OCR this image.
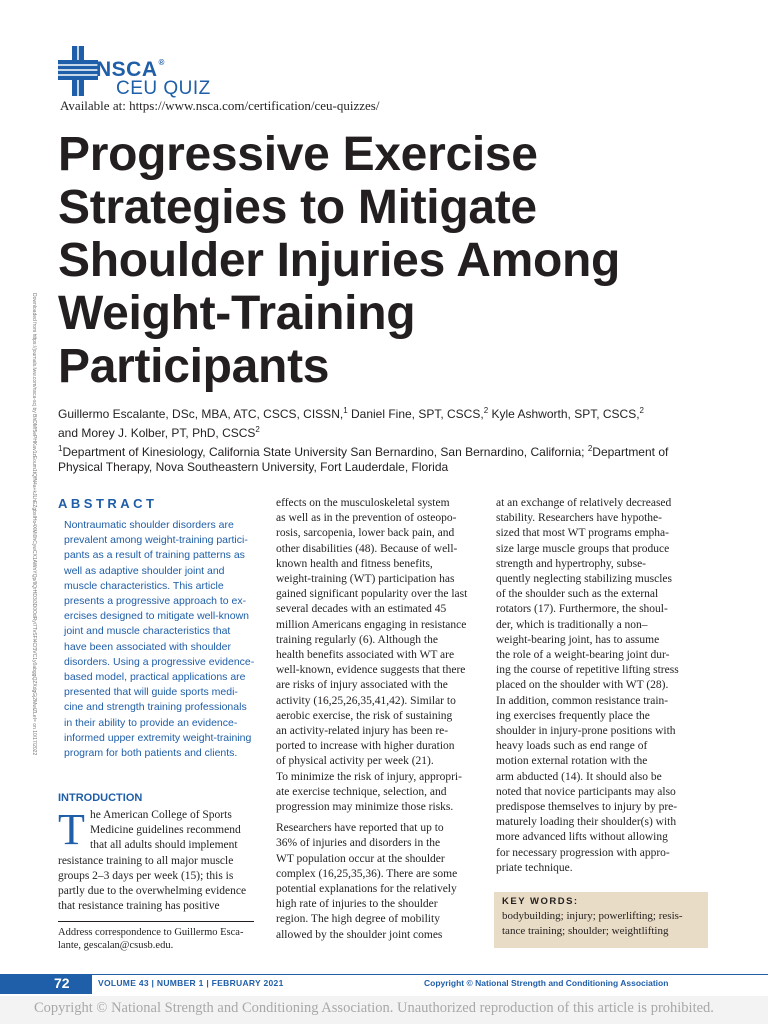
NSCA®
CEU QUIZ
Available at: https://www.nsca.com/certification/ceu-quizzes/
Downloaded from https://journals.lww.com/nsca-scj by BhDMf5ePHKav1zEoum1tQfN4a+kJLhEZgbsIHo4XMi0hCywCX1AWnYQp/IlQrHD3i3D0OdRyi7TvSFl4Cf3VC1y0abggQZXdgGj2MwlZLeI= on 10/17/2022
Progressive Exercise
Strategies to Mitigate
Shoulder Injuries Among
Weight-Training
Participants
Guillermo Escalante, DSc, MBA, ATC, CSCS, CISSN,$^1$ Daniel Fine, SPT, CSCS,$^2$ Kyle Ashworth, SPT, CSCS,$^2$
and Morey J. Kolber, PT, PhD, CSCS$^2$
$^1$Department of Kinesiology, California State University San Bernardino, San Bernardino, California; $^2$Department of
Physical Therapy, Nova Southeastern University, Fort Lauderdale, Florida
ABSTRACT
Nontraumatic shoulder disorders are
prevalent among weight-training partici-
pants as a result of training patterns as
well as adaptive shoulder joint and
muscle characteristics. This article
presents a progressive approach to ex-
ercises designed to mitigate well-known
joint and muscle characteristics that
have been associated with shoulder
disorders. Using a progressive evidence-
based model, practical applications are
presented that will guide sports medi-
cine and strength training professionals
in their ability to provide an evidence-
informed upper extremity weight-training
program for both patients and clients.
INTRODUCTION
T he American College of Sports
Medicine guidelines recommend
that all adults should implement
resistance training to all major muscle
groups 2–3 days per week (15); this is
partly due to the overwhelming evidence
that resistance training has positive
Address correspondence to Guillermo Esca-
lante, gescalan@csusb.edu.
effects on the musculoskeletal system
as well as in the prevention of osteopo-
rosis, sarcopenia, lower back pain, and
other disabilities (48). Because of well-
known health and fitness benefits,
weight-training (WT) participation has
gained significant popularity over the last
several decades with an estimated 45
million Americans engaging in resistance
training regularly (6). Although the
health benefits associated with WT are
well-known, evidence suggests that there
are risks of injury associated with the
activity (16,25,26,35,41,42). Similar to
aerobic exercise, the risk of sustaining
an activity-related injury has been re-
ported to increase with higher duration
of physical activity per week (21).
To minimize the risk of injury, appropri-
ate exercise technique, selection, and
progression may minimize those risks.
Researchers have reported that up to
36% of injuries and disorders in the
WT population occur at the shoulder
complex (16,25,35,36). There are some
potential explanations for the relatively
high rate of injuries to the shoulder
region. The high degree of mobility
allowed by the shoulder joint comes
at an exchange of relatively decreased
stability. Researchers have hypothe-
sized that most WT programs empha-
size large muscle groups that produce
strength and hypertrophy, subse-
quently neglecting stabilizing muscles
of the shoulder such as the external
rotators (17). Furthermore, the shoul-
der, which is traditionally a non–
weight-bearing joint, has to assume
the role of a weight-bearing joint dur-
ing the course of repetitive lifting stress
placed on the shoulder with WT (28).
In addition, common resistance train-
ing exercises frequently place the
shoulder in injury-prone positions with
heavy loads such as end range of
motion external rotation with the
arm abducted (14). It should also be
noted that novice participants may also
predispose themselves to injury by pre-
maturely loading their shoulder(s) with
more advanced lifts without allowing
for necessary progression with appro-
priate technique.
KEY WORDS:
bodybuilding; injury; powerlifting; resis-
tance training; shoulder; weightlifting
72	VOLUME 43 | NUMBER 1 | FEBRUARY 2021	Copyright © National Strength and Conditioning Association
Copyright © National Strength and Conditioning Association. Unauthorized reproduction of this article is prohibited.
